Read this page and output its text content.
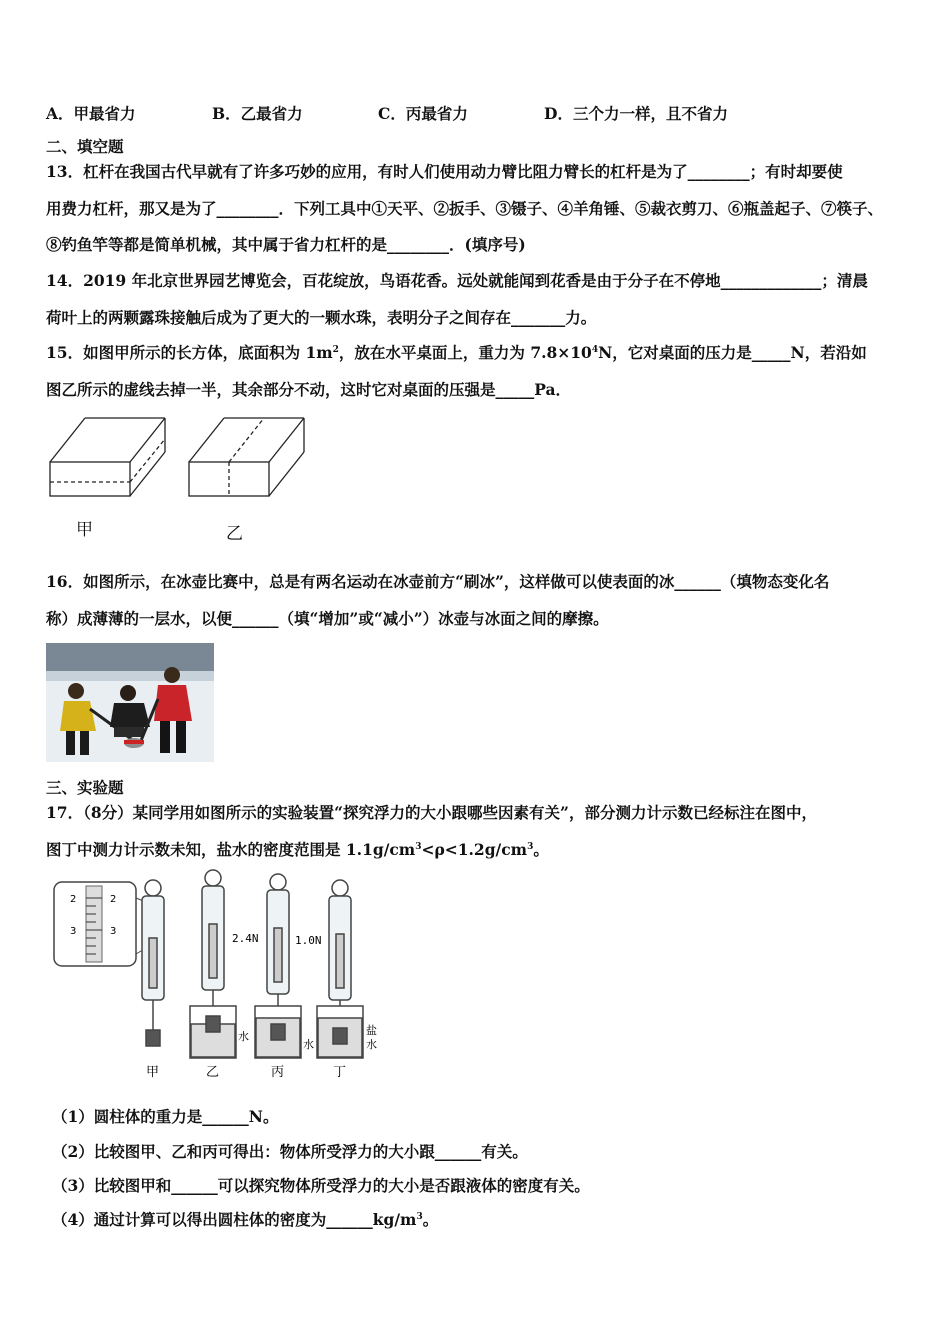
A．甲最省力	B．乙最省力	C．丙最省力	D．三个力一样，且不省力
二、填空题
13．杠杆在我国古代早就有了许多巧妙的应用，有时人们使用动力臂比阻力臂长的杠杆是为了________；有时却要使
用费力杠杆，那又是为了________．下列工具中①天平、②扳手、③镊子、④羊角锤、⑤裁衣剪刀、⑥瓶盖起子、⑦筷子、
⑧钓鱼竿等都是简单机械，其中属于省力杠杆的是________．(填序号)
14．2019 年北京世界园艺博览会，百花绽放，鸟语花香。远处就能闻到花香是由于分子在不停地_____________；清晨
荷叶上的两颗露珠接触后成为了更大的一颗水珠，表明分子之间存在_______力。
15．如图甲所示的长方体，底面积为 $1m^2$，放在水平桌面上，重力为 $7.8\times 10^4N$，它对桌面的压力是_____N，若沿如
图乙所示的虚线去掉一半，其余部分不动，这时它对桌面的压强是_____Pa．
甲	乙
16．如图所示，在冰壶比赛中，总是有两名运动在冰壶前方“刷冰”，这样做可以使表面的冰______（填物态变化名
称）成薄薄的一层水，以便______（填“增加”或“减小”）冰壶与冰面之间的摩擦。
三、实验题
17．（8分）某同学用如图所示的实验装置“探究浮力的大小跟哪些因素有关”，部分测力计示数已经标注在图中，
图丁中测力计示数未知，盐水的密度范围是 $1.1g/cm^3<\rho<1.2g/cm^3$。
2	2
3	3
2.4N	1.0N
水
水
盐
水
甲	乙	丙	丁
（1）圆柱体的重力是______N。
（2）比较图甲、乙和丙可得出：物体所受浮力的大小跟______有关。
（3）比较图甲和______可以探究物体所受浮力的大小是否跟液体的密度有关。
（4）通过计算可以得出圆柱体的密度为$\_\_\_\_\_\_kg/m^3$。
